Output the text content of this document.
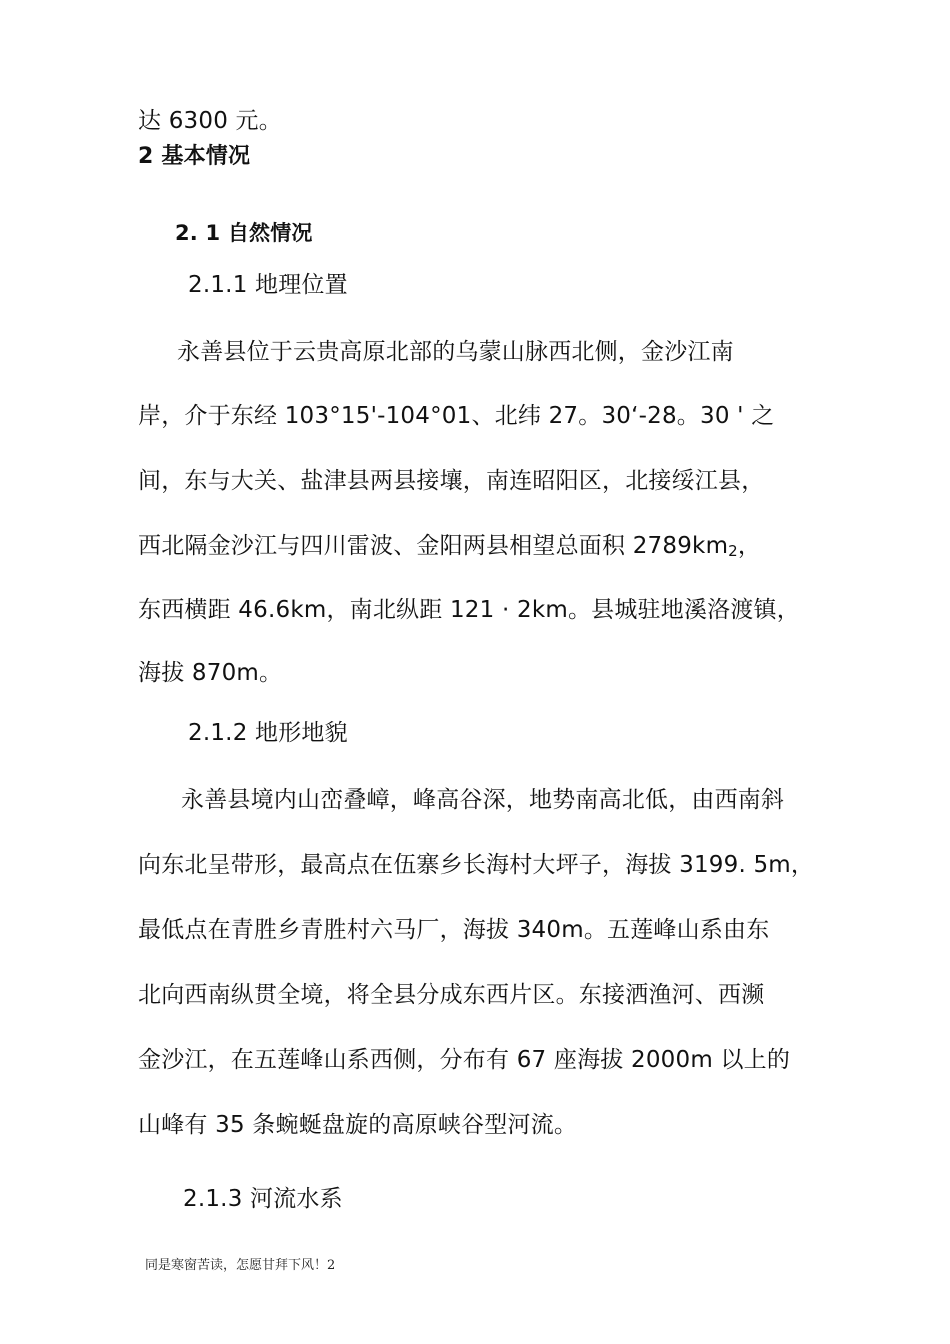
达 6300 元。
2 基本情况
2. 1 自然情况
2.1.1 地理位置
永善县位于云贵高原北部的乌蒙山脉西北侧，金沙江南
岸，介于东经 103°15'-104°01、北纬 27。30‘-28。30 ' 之
间，东与大关、盐津县两县接壤，南连昭阳区，北接绥江县，
西北隔金沙江与四川雷波、金阳两县相望总面积 $2789km_2$，
东西横距 46.6km，南北纵距 121 · 2km。县城驻地溪洛渡镇，
海拔 870m。
2.1.2 地形地貌
永善县境内山峦叠嶂，峰高谷深，地势南高北低，由西南斜
向东北呈带形，最高点在伍寨乡长海村大坪子，海拔 3199. 5m，
最低点在青胜乡青胜村六马厂，海拔 340m。五莲峰山系由东
北向西南纵贯全境，将全县分成东西片区。东接洒渔河、西濒
金沙江，在五莲峰山系西侧，分布有 67 座海拔 2000m 以上的
山峰有 35 条蜿蜒盘旋的高原峡谷型河流。
2.1.3 河流水系
同是寒窗苦读，怎愿甘拜下风！2
